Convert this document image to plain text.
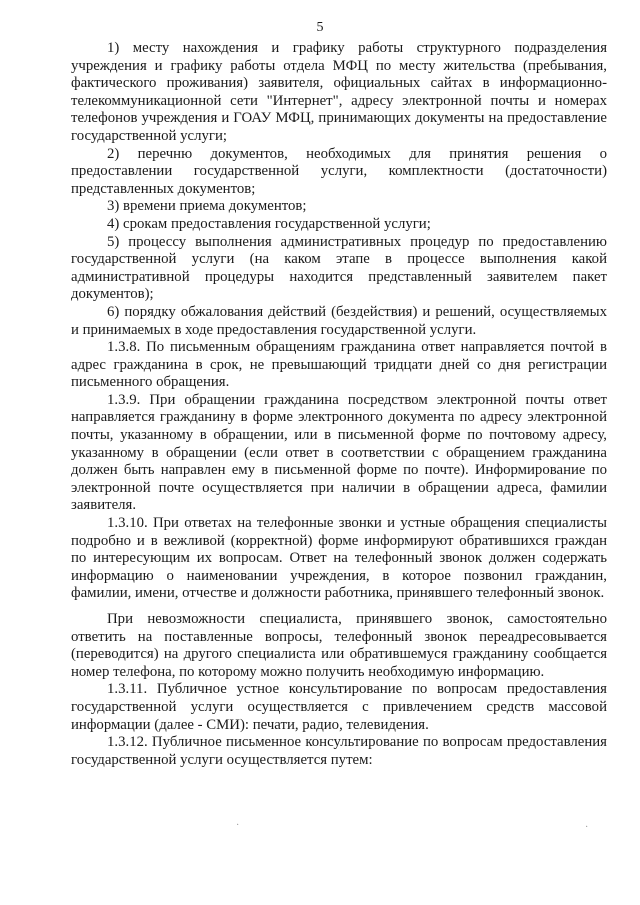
5

1) месту нахождения и графику работы структурного подразделения учреждения и графику работы отдела МФЦ по месту жительства (пребывания, фактического проживания) заявителя, официальных сайтах в информационно-телекоммуникационной сети "Интернет", адресу электронной почты и номерах телефонов учреждения и ГОАУ МФЦ, принимающих документы на предоставление государственной услуги;

2) перечню документов, необходимых для принятия решения о предоставлении государственной услуги, комплектности (достаточности) представленных документов;

3) времени приема документов;

4) срокам предоставления государственной услуги;

5) процессу выполнения административных процедур по предоставлению государственной услуги (на каком этапе в процессе выполнения какой административной процедуры находится представленный заявителем пакет документов);

6) порядку обжалования действий (бездействия) и решений, осуществляемых и принимаемых в ходе предоставления государственной услуги.

1.3.8. По письменным обращениям гражданина ответ направляется почтой в адрес гражданина в срок, не превышающий тридцати дней со дня регистрации письменного обращения.

1.3.9. При обращении гражданина посредством электронной почты ответ направляется гражданину в форме электронного документа по адресу электронной почты, указанному в обращении, или в письменной форме по почтовому адресу, указанному в обращении (если ответ в соответствии с обращением гражданина должен быть направлен ему в письменной форме по почте). Информирование по электронной почте осуществляется при наличии в обращении адреса, фамилии заявителя.

1.3.10. При ответах на телефонные звонки и устные обращения специалисты подробно и в вежливой (корректной) форме информируют обратившихся граждан по интересующим их вопросам. Ответ на телефонный звонок должен содержать информацию о наименовании учреждения, в которое позвонил гражданин, фамилии, имени, отчестве и должности работника, принявшего телефонный звонок.

При невозможности специалиста, принявшего звонок, самостоятельно ответить на поставленные вопросы, телефонный звонок переадресовывается (переводится) на другого специалиста или обратившемуся гражданину сообщается номер телефона, по которому можно получить необходимую информацию.

1.3.11. Публичное устное консультирование по вопросам предоставления государственной услуги осуществляется с привлечением средств массовой информации (далее - СМИ): печати, радио, телевидения.

1.3.12. Публичное письменное консультирование по вопросам предоставления государственной услуги осуществляется путем:

·	·
